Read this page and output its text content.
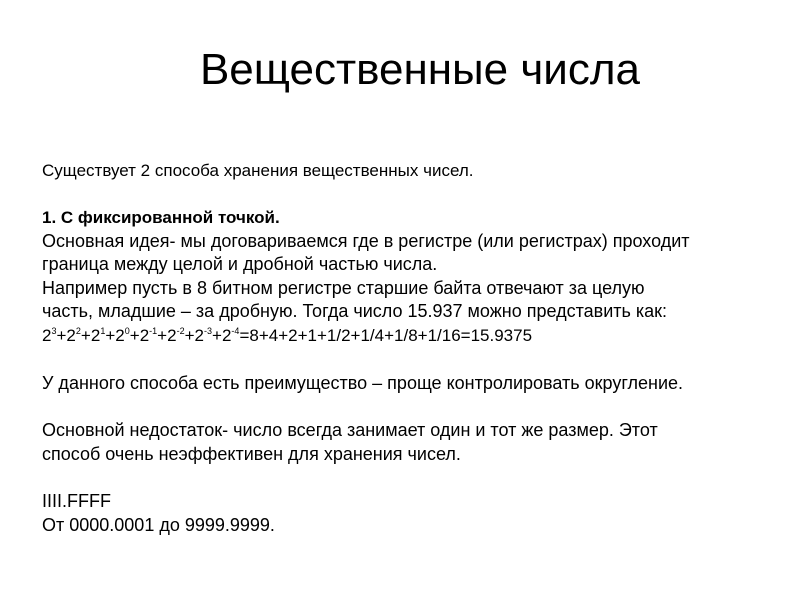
Вещественные числа
Существует 2 способа хранения вещественных чисел.

1. С фиксированной точкой.

Основная идея- мы договариваемся где в регистре (или регистрах) проходит

граница между целой и дробной частью числа.

Например пусть в 8 битном регистре старшие байта отвечают за целую

часть, младшие – за дробную. Тогда число 15.937 можно представить как:

$2^3+2^2+2^1+2^0+2^{-1}+2^{-2}+2^{-3}+2^{-4}=8+4+2+1+1/2+1/4+1/8+1/16=15.9375$

У данного способа есть преимущество – проще контролировать округление.

Основной недостаток- число всегда занимает один и тот же размер. Этот

способ очень неэффективен для хранения чисел.

IIII.FFFF

От 0000.0001 до 9999.9999.
